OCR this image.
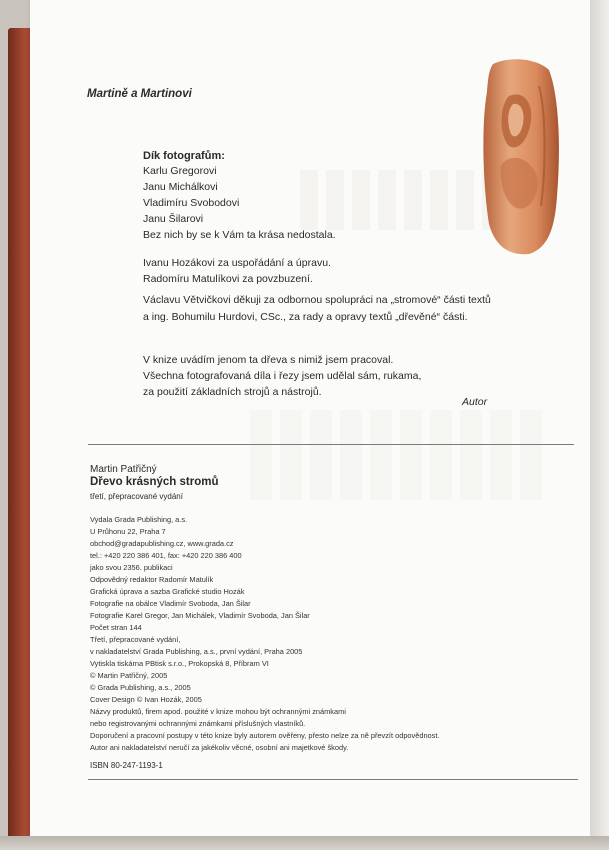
Martině a Martinovi
Dík fotografům:
Karlu Gregorovi
Janu Michálkovi
Vladimíru Svobodovi
Janu Šilarovi
Bez nich by se k Vám ta krása nedostala.
Ivanu Hozákovi za uspořádání a úpravu.
Radomíru Matulíkovi za povzbuzení.
Václavu Větvičkovi děkuji za odbornou spolupráci na „stromové“ části textů
a ing. Bohumilu Hurdovi, CSc., za rady a opravy textů „dřevěné“ části.
V knize uvádím jenom ta dřeva s nimiž jsem pracoval.
Všechna fotografovaná díla i řezy jsem udělal sám, rukama,
za použití základních strojů a nástrojů.
Autor
Martin Patřičný
Dřevo krásných stromů
třetí, přepracované vydání
Vydala Grada Publishing, a.s.
U Průhonu 22, Praha 7
obchod@gradapublishing.cz, www.grada.cz
tel.: +420 220 386 401, fax: +420 220 386 400
jako svou 2356. publikaci
Odpovědný redaktor Radomír Matulík
Grafická úprava a sazba Grafické studio Hozák
Fotografie na obálce Vladimír Svoboda, Jan Šilar
Fotografie Karel Gregor, Jan Michálek, Vladimír Svoboda, Jan Šilar
Počet stran 144
Třetí, přepracované vydání,
v nakladatelství Grada Publishing, a.s., první vydání, Praha 2005
Vytiskla tiskárna PBtisk s.r.o., Prokopská 8, Příbram VI
© Martin Patřičný, 2005
© Grada Publishing, a.s., 2005
Cover Design © Ivan Hozák, 2005
Názvy produktů, firem apod. použité v knize mohou být ochrannými známkami
nebo registrovanými ochrannými známkami příslušných vlastníků.
Doporučení a pracovní postupy v této knize byly autorem ověřeny, přesto nelze za ně převzít odpovědnost.
Autor ani nakladatelství neručí za jakékoliv věcné, osobní ani majetkové škody.
ISBN 80-247-1193-1
